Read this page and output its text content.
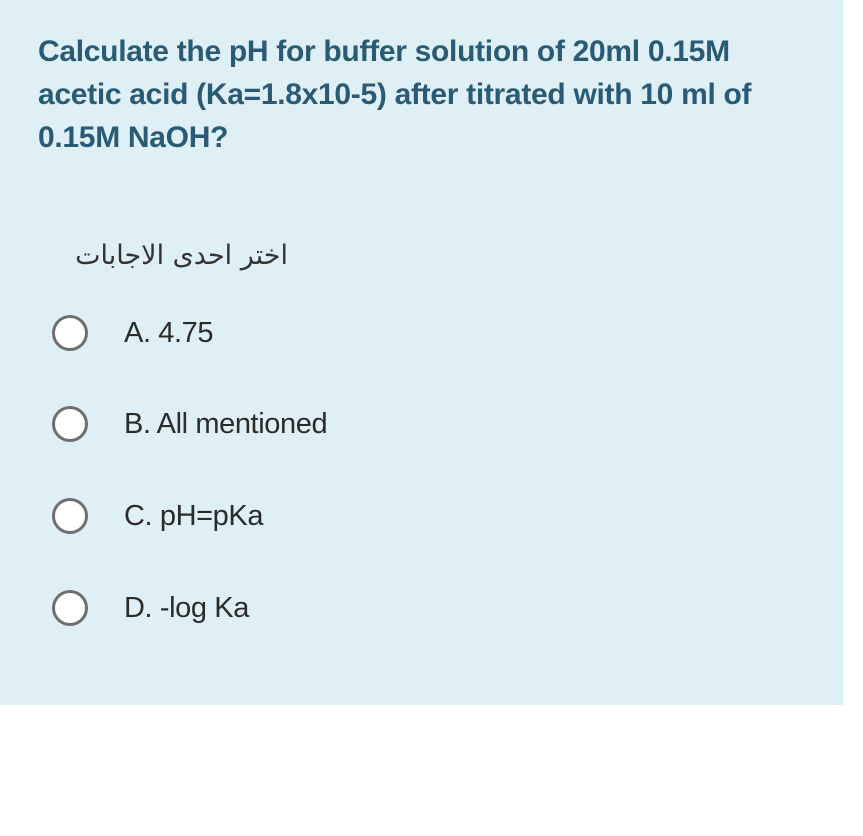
Calculate the pH for buffer solution of 20ml 0.15M acetic acid (Ka=1.8x10-5) after titrated with 10 ml of 0.15M NaOH?

اختر احدى الاجابات

A. 4.75
B. All mentioned
C. pH=pKa
D. -log Ka
